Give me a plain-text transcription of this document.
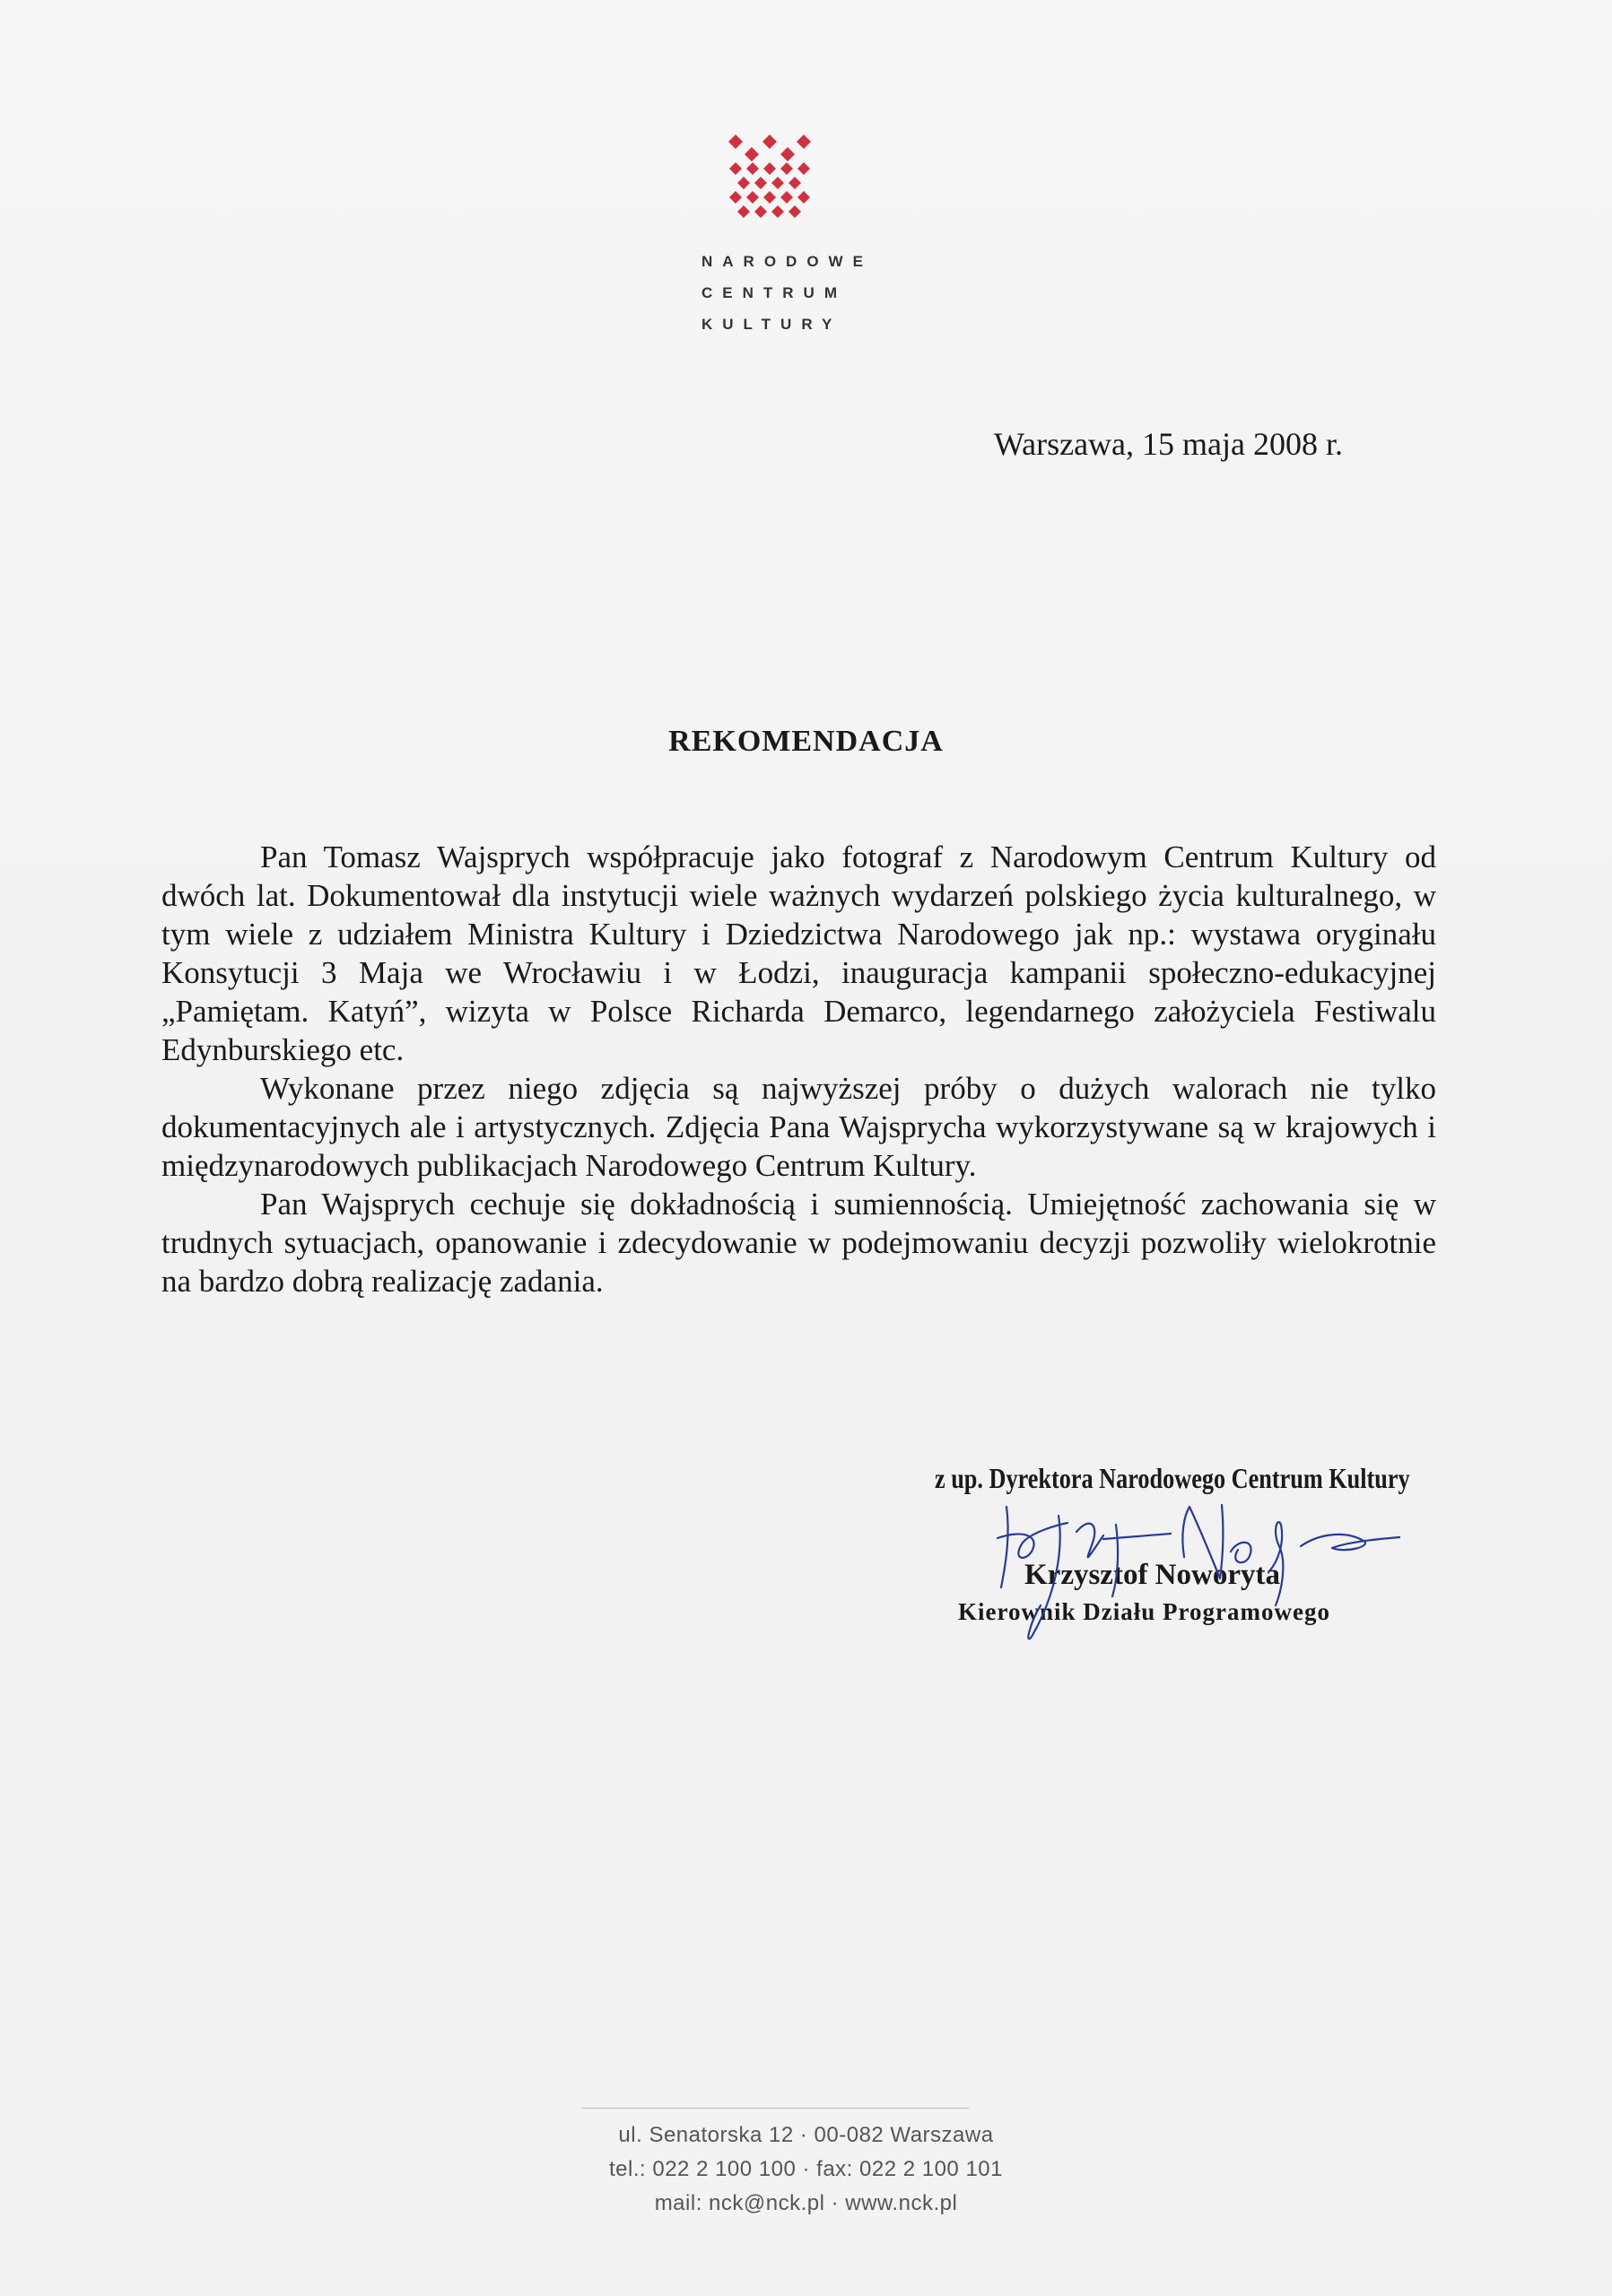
NARODOWE
CENTRUM
KULTURY
Warszawa, 15 maja 2008 r.
REKOMENDACJA

Pan Tomasz Wajsprych współpracuje jako fotograf z Narodowym Centrum Kultury od dwóch lat. Dokumentował dla instytucji wiele ważnych wydarzeń polskiego życia kulturalnego, w tym wiele z udziałem Ministra Kultury i Dziedzictwa Narodowego jak np.: wystawa oryginału Konsytucji 3 Maja we Wrocławiu i w Łodzi, inauguracja kampanii społeczno-edukacyjnej „Pamiętam. Katyń”, wizyta w Polsce Richarda Demarco, legendarnego założyciela Festiwalu Edynburskiego etc.

Wykonane przez niego zdjęcia są najwyższej próby o dużych walorach nie tylko dokumentacyjnych ale i artystycznych. Zdjęcia Pana Wajsprycha wykorzystywane są w krajowych i międzynarodowych publikacjach Narodowego Centrum Kultury.

Pan Wajsprych cechuje się dokładnością i sumiennością. Umiejętność zachowania się w trudnych sytuacjach, opanowanie i zdecydowanie w podejmowaniu decyzji pozwoliły wielokrotnie na bardzo dobrą realizację zadania.

z up. Dyrektora Narodowego Centrum Kultury
Krzysztof Noworyta
Kierownik Działu Programowego
ul. Senatorska 12 · 00-082 Warszawa
tel.: 022 2 100 100 · fax: 022 2 100 101
mail: nck@nck.pl · www.nck.pl
